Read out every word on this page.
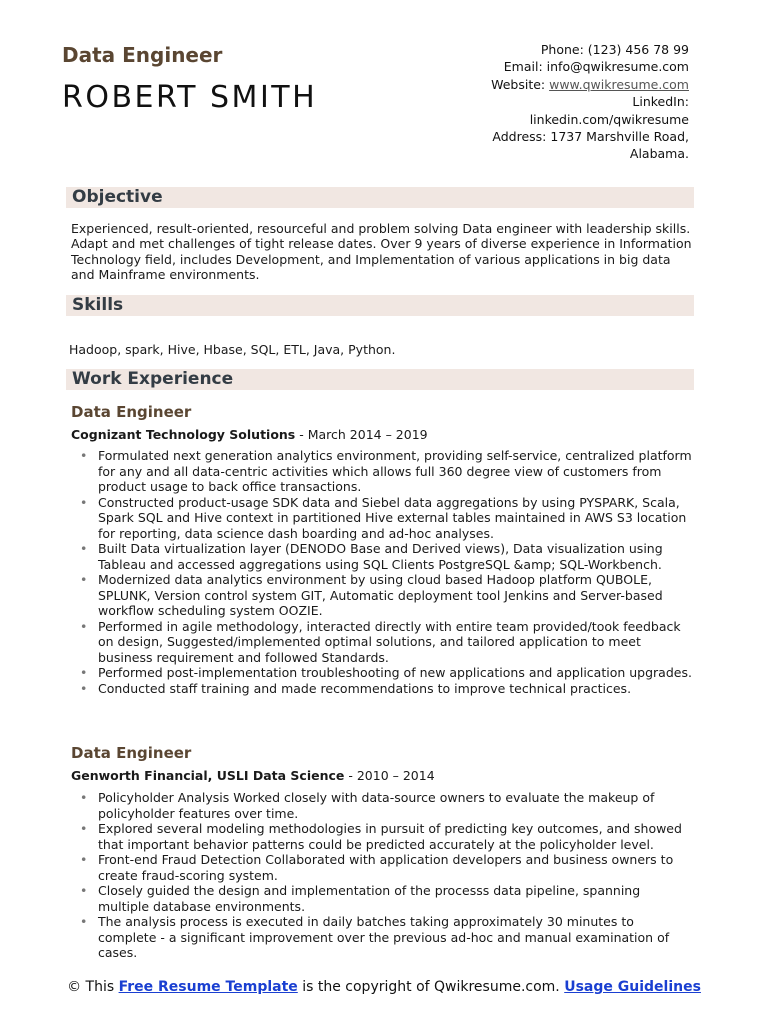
Data Engineer
ROBERT SMITH
Phone: (123) 456 78 99
Email: info@qwikresume.com
Website: www.qwikresume.com
LinkedIn:
linkedin.com/qwikresume
Address: 1737 Marshville Road,
Alabama.
Objective
Experienced, result-oriented, resourceful and problem solving Data engineer with leadership skills. Adapt and met challenges of tight release dates. Over 9 years of diverse experience in Information Technology field, includes Development, and Implementation of various applications in big data and Mainframe environments.
Skills
Hadoop, spark, Hive, Hbase, SQL, ETL, Java, Python.
Work Experience
Data Engineer
Cognizant Technology Solutions - March 2014 – 2019
• Formulated next generation analytics environment, providing self-service, centralized platform for any and all data-centric activities which allows full 360 degree view of customers from product usage to back office transactions.
• Constructed product-usage SDK data and Siebel data aggregations by using PYSPARK, Scala, Spark SQL and Hive context in partitioned Hive external tables maintained in AWS S3 location for reporting, data science dash boarding and ad-hoc analyses.
• Built Data virtualization layer (DENODO Base and Derived views), Data visualization using Tableau and accessed aggregations using SQL Clients PostgreSQL &amp; SQL-Workbench.
• Modernized data analytics environment by using cloud based Hadoop platform QUBOLE, SPLUNK, Version control system GIT, Automatic deployment tool Jenkins and Server-based workflow scheduling system OOZIE.
• Performed in agile methodology, interacted directly with entire team provided/took feedback on design, Suggested/implemented optimal solutions, and tailored application to meet business requirement and followed Standards.
• Performed post-implementation troubleshooting of new applications and application upgrades.
• Conducted staff training and made recommendations to improve technical practices.
Data Engineer
Genworth Financial, USLI Data Science - 2010 – 2014
• Policyholder Analysis Worked closely with data-source owners to evaluate the makeup of policyholder features over time.
• Explored several modeling methodologies in pursuit of predicting key outcomes, and showed that important behavior patterns could be predicted accurately at the policyholder level.
• Front-end Fraud Detection Collaborated with application developers and business owners to create fraud-scoring system.
• Closely guided the design and implementation of the processs data pipeline, spanning multiple database environments.
• The analysis process is executed in daily batches taking approximately 30 minutes to complete - a significant improvement over the previous ad-hoc and manual examination of cases.
© This Free Resume Template is the copyright of Qwikresume.com. Usage Guidelines
